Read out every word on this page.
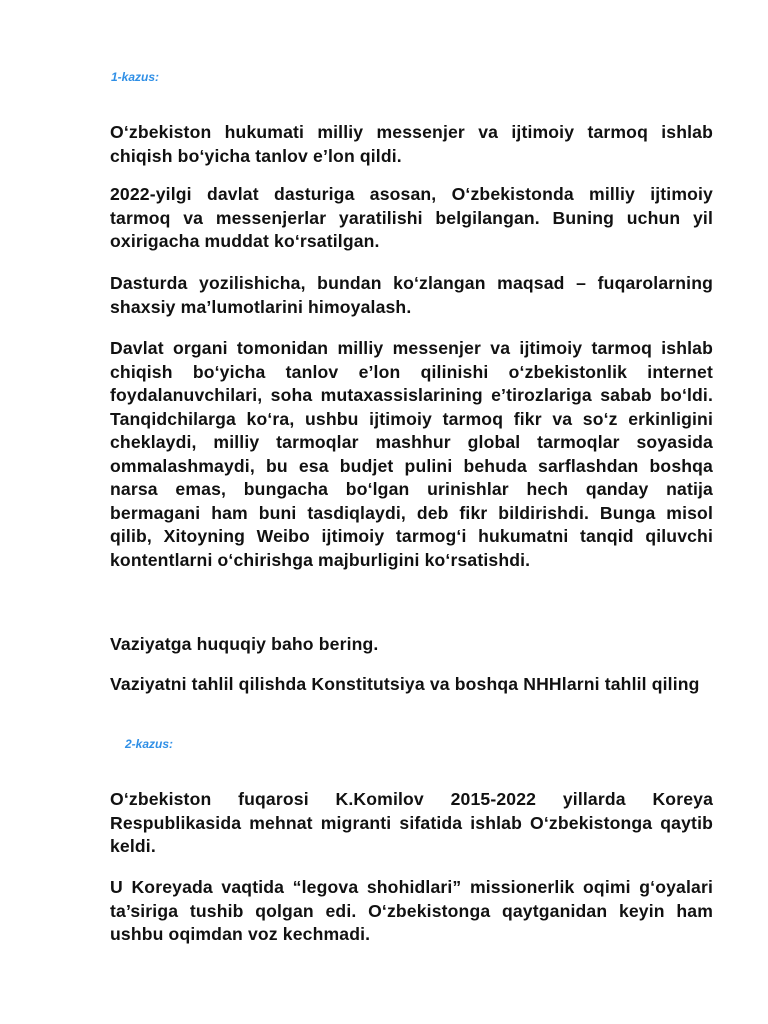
1-kazus:

O‘zbekiston hukumati milliy messenjer va ijtimoiy tarmoq ishlab chiqish bo‘yicha tanlov e’lon qildi.

2022-yilgi davlat dasturiga asosan, O‘zbekistonda milliy ijtimoiy tarmoq va messenjerlar yaratilishi belgilangan. Buning uchun yil oxirigacha muddat ko‘rsatilgan.

Dasturda yozilishicha, bundan ko‘zlangan maqsad – fuqarolarning shaxsiy ma’lumotlarini himoyalash.

Davlat organi tomonidan milliy messenjer va ijtimoiy tarmoq ishlab chiqish bo‘yicha tanlov e’lon qilinishi o‘zbekistonlik internet foydalanuvchilari, soha mutaxassislarining e’tirozlariga sabab bo‘ldi. Tanqidchilarga ko‘ra, ushbu ijtimoiy tarmoq fikr va so‘z erkinligini cheklaydi, milliy tarmoqlar mashhur global tarmoqlar soyasida ommalashmaydi, bu esa budjet pulini behuda sarflashdan boshqa narsa emas, bungacha bo‘lgan urinishlar hech qanday natija bermagani ham buni tasdiqlaydi, deb fikr bildirishdi. Bunga misol qilib, Xitoyning Weibo ijtimoiy tarmog‘i hukumatni tanqid qiluvchi kontentlarni o‘chirishga majburligini ko‘rsatishdi.

Vaziyatga huquqiy baho bering.

Vaziyatni tahlil qilishda Konstitutsiya va boshqa NHHlarni tahlil qiling

2-kazus:

O‘zbekiston fuqarosi K.Komilov 2015-2022 yillarda Koreya Respublikasida mehnat migranti sifatida ishlab O‘zbekistonga qaytib keldi.

U Koreyada vaqtida “legova shohidlari” missionerlik oqimi g‘oyalari ta’siriga tushib qolgan edi. O‘zbekistonga qaytganidan keyin ham ushbu oqimdan voz kechmadi.
